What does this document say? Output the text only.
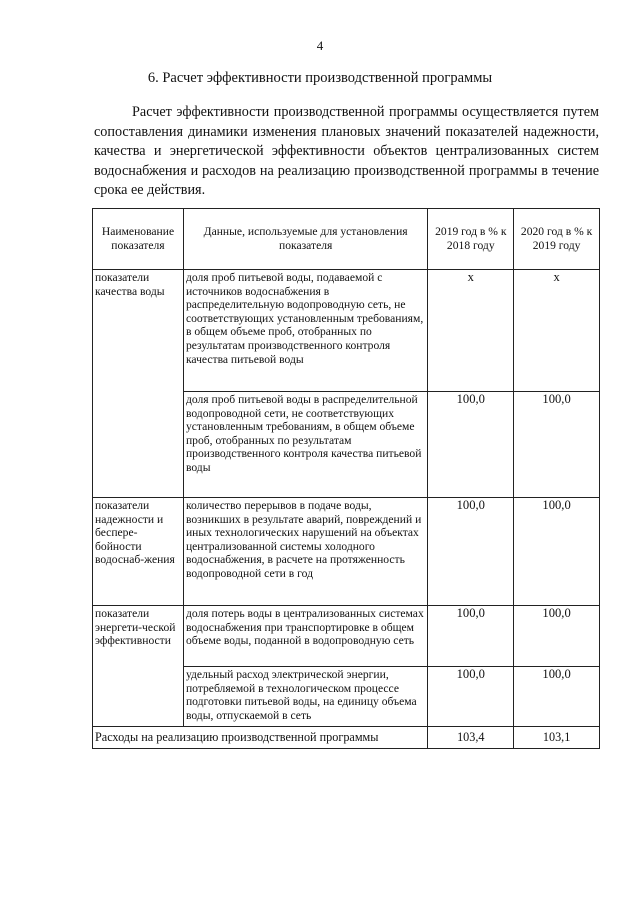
4
6. Расчет эффективности производственной программы

Расчет эффективности производственной программы осуществляется путем сопоставления динамики изменения плановых значений показателей надежности, качества и энергетической эффективности объектов централизованных систем водоснабжения и расходов на реализацию производственной программы в течение срока ее действия.

Наименование показателя	Данные, используемые для установления показателя	2019 год в % к 2018 году	2020 год в % к 2019 году
показатели качества воды	доля проб питьевой воды, подаваемой с источников водоснабжения в распределительную водопроводную сеть, не соответствующих установленным требованиям, в общем объеме проб, отобранных по результатам производственного контроля качества питьевой воды	х	х
	доля проб питьевой воды в распределительной водопроводной сети, не соответствующих установленным требованиям, в общем объеме проб, отобранных по результатам производственного контроля качества питьевой воды	100,0	100,0
показатели надежности и беспере-бойности водоснаб-жения	количество перерывов в подаче воды, возникших в результате аварий, повреждений и иных технологических нарушений на объектах централизованной системы холодного водоснабжения, в расчете на протяженность водопроводной сети в год	100,0	100,0
показатели энергети-ческой эффективности	доля потерь воды в централизованных системах водоснабжения при транспортировке в общем объеме воды, поданной в водопроводную сеть	100,0	100,0
	удельный расход электрической энергии, потребляемой в технологическом процессе подготовки питьевой воды, на единицу объема воды, отпускаемой в сеть	100,0	100,0
Расходы на реализацию производственной программы		103,4	103,1
